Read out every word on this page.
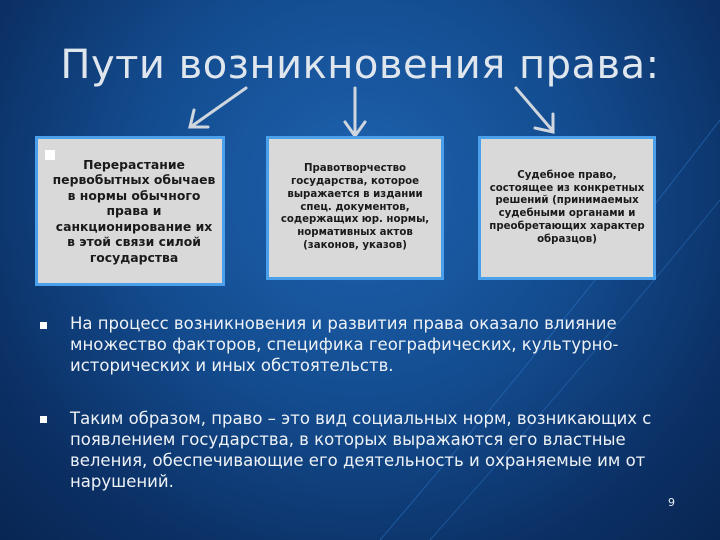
Пути возникновения права:
Перерастание первобытных обычаев в нормы обычного права и санкционирование их в этой связи силой государства
Правотворчество государства, которое выражается в издании спец. документов, содержащих юр. нормы, нормативных актов (законов, указов)
Судебное право, состоящее из конкретных решений (принимаемых судебными органами и преобретающих характер образцов)
На процесс возникновения и развития права оказало влияние множество факторов, специфика географических, культурно-исторических и иных обстоятельств.
Таким образом, право – это вид социальных норм, возникающих с появлением государства, в которых выражаются его властные веления, обеспечивающие его деятельность и охраняемые им от нарушений.
9
